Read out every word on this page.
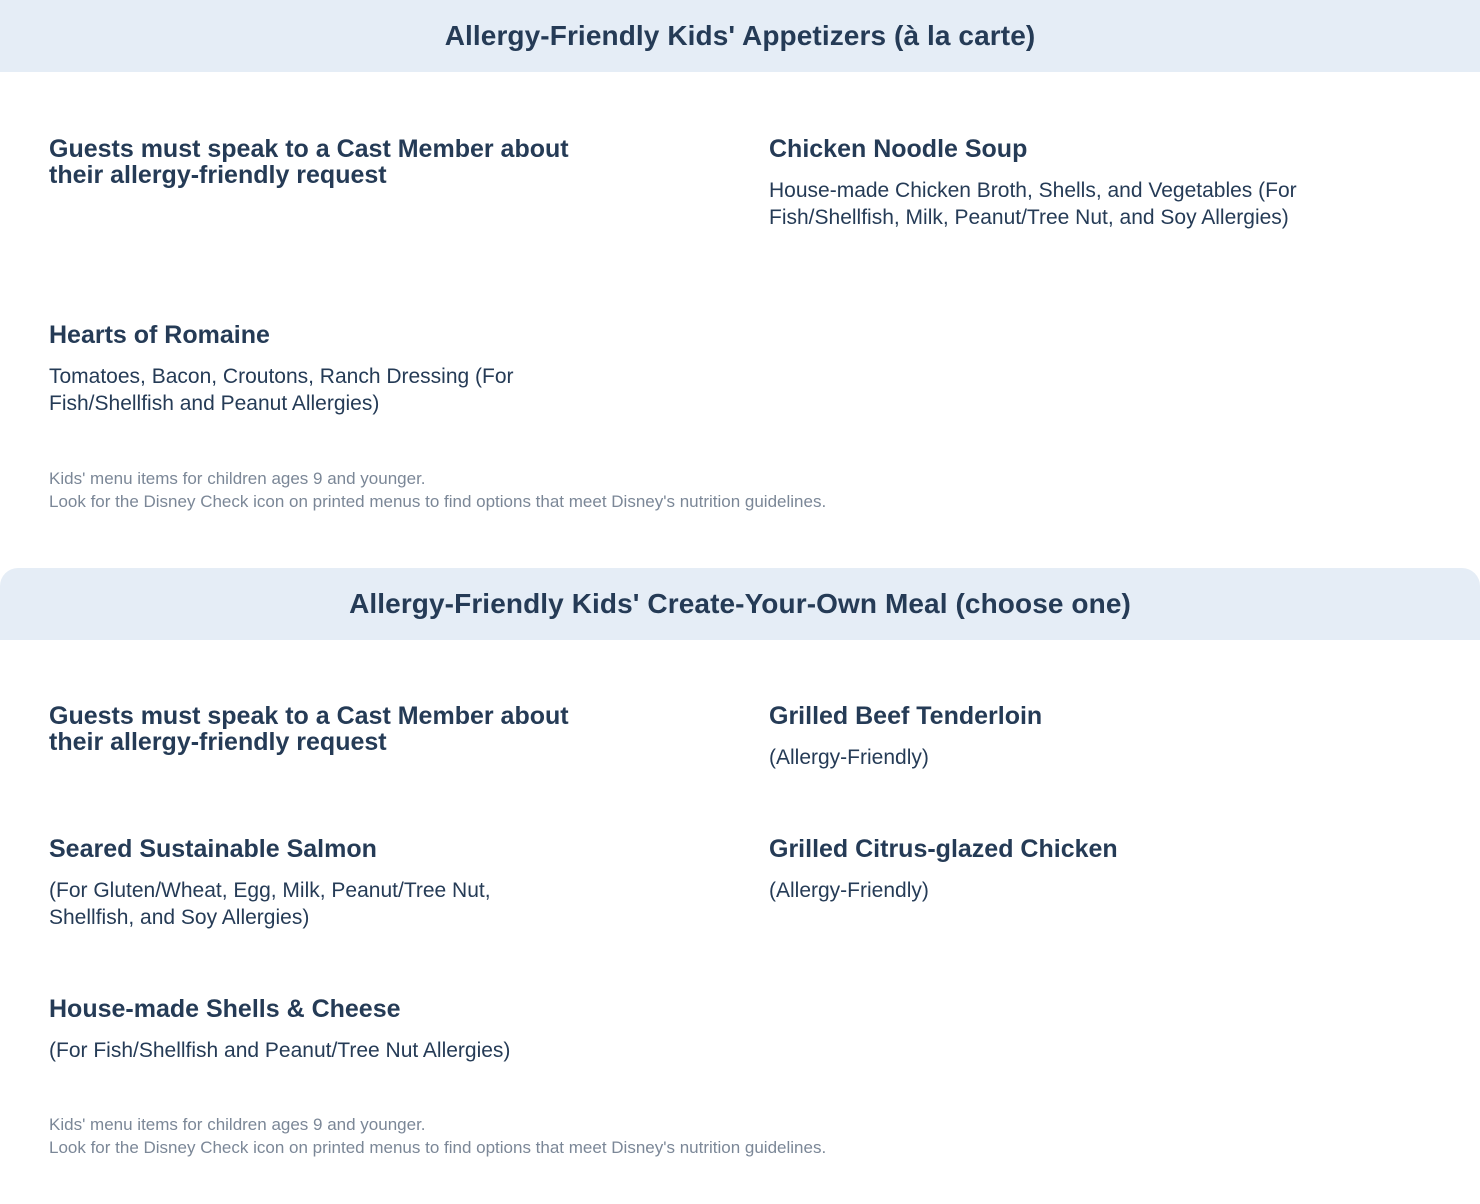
Allergy-Friendly Kids' Appetizers (à la carte)
Guests must speak to a Cast Member about their allergy-friendly request
Chicken Noodle Soup
House-made Chicken Broth, Shells, and Vegetables (For Fish/Shellfish, Milk, Peanut/Tree Nut, and Soy Allergies)
Hearts of Romaine
Tomatoes, Bacon, Croutons, Ranch Dressing (For Fish/Shellfish and Peanut Allergies)
Kids' menu items for children ages 9 and younger.
Look for the Disney Check icon on printed menus to find options that meet Disney's nutrition guidelines.
Allergy-Friendly Kids' Create-Your-Own Meal (choose one)
Guests must speak to a Cast Member about their allergy-friendly request
Grilled Beef Tenderloin
(Allergy-Friendly)
Seared Sustainable Salmon
(For Gluten/Wheat, Egg, Milk, Peanut/Tree Nut, Shellfish, and Soy Allergies)
Grilled Citrus-glazed Chicken
(Allergy-Friendly)
House-made Shells & Cheese
(For Fish/Shellfish and Peanut/Tree Nut Allergies)
Kids' menu items for children ages 9 and younger.
Look for the Disney Check icon on printed menus to find options that meet Disney's nutrition guidelines.
